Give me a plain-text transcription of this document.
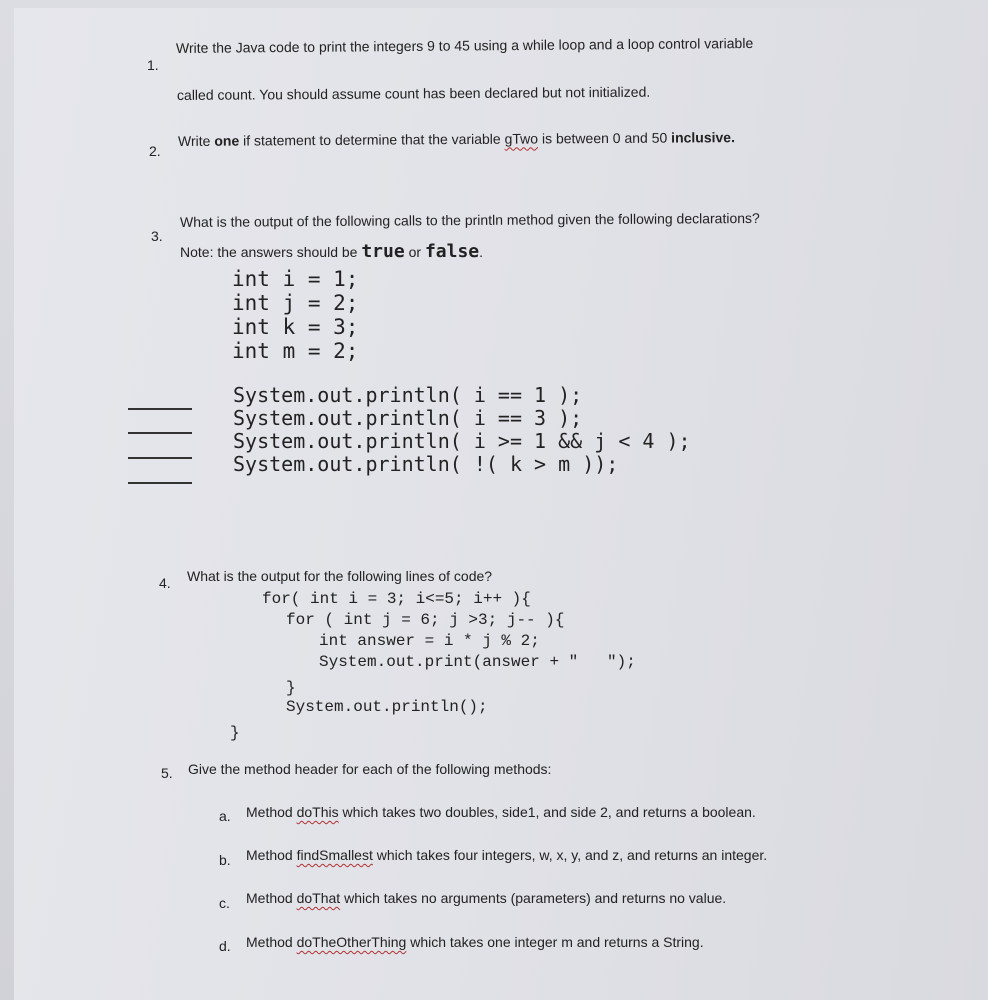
1.
Write the Java code to print the integers 9 to 45 using a while loop and a loop control variable
called count. You should assume count has been declared but not initialized.
2.
Write one if statement to determine that the variable gTwo is between 0 and 50 inclusive.
3.
What is the output of the following calls to the println method given the following declarations?
Note: the answers should be true or false.
int i = 1;
int j = 2;
int k = 3;
int m = 2;
System.out.println( i == 1 );
System.out.println( i == 3 );
System.out.println( i >= 1 && j < 4 );
System.out.println( !( k > m ));
4. What is the output for the following lines of code?
for( int i = 3; i<=5; i++ ){
for ( int j = 6; j >3; j-- ){
int answer = i * j % 2;
System.out.print(answer + "   ");
}
System.out.println();
}
5. Give the method header for each of the following methods:
a. Method doThis which takes two doubles, side1, and side 2, and returns a boolean.
b. Method findSmallest which takes four integers, w, x, y, and z, and returns an integer.
c. Method doThat which takes no arguments (parameters) and returns no value.
d. Method doTheOtherThing which takes one integer m and returns a String.
